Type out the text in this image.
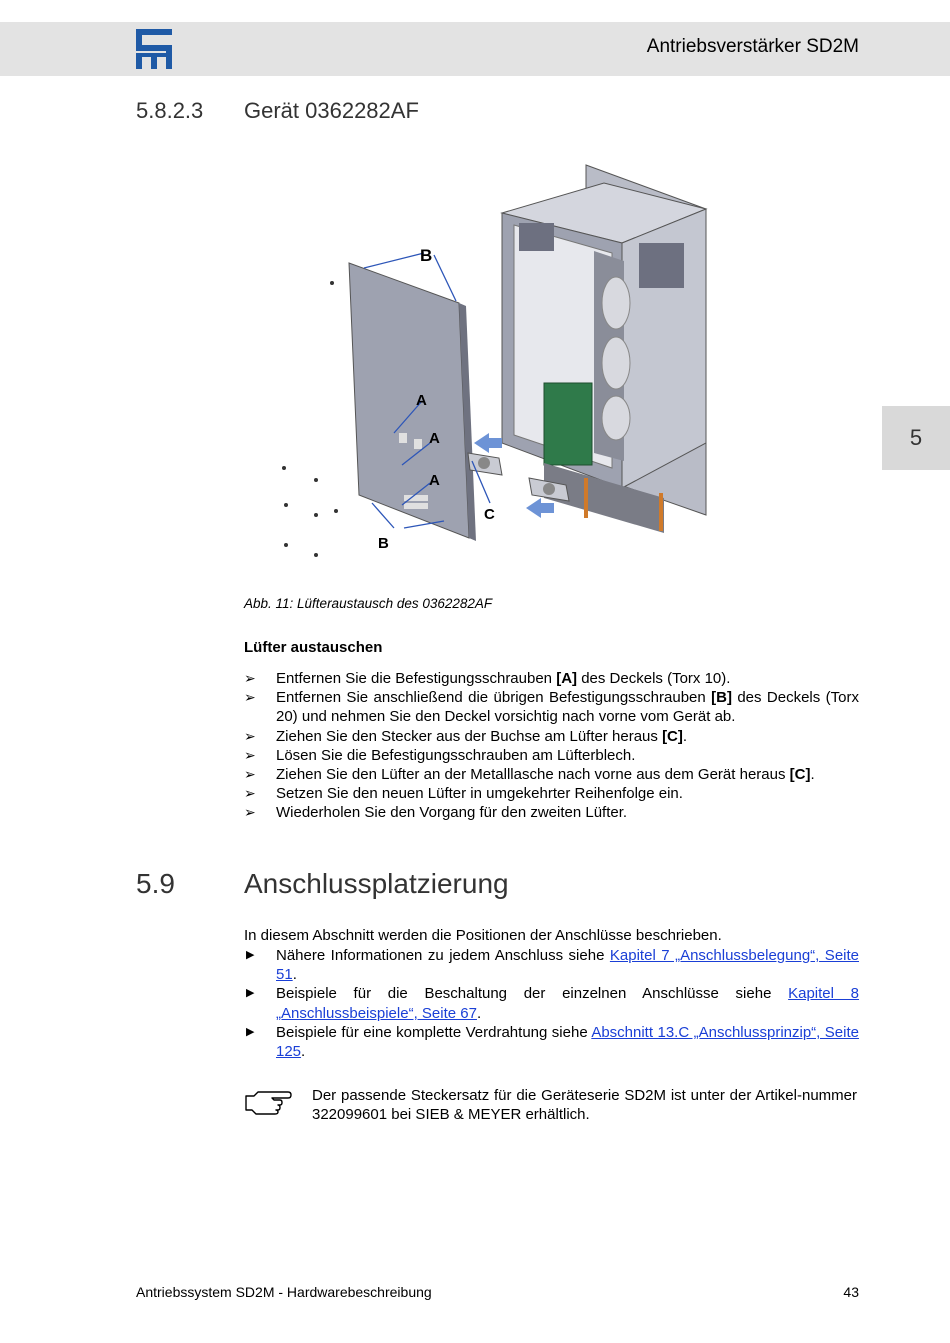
Antriebsverstärker SD2M
5
5.8.2.3 Gerät 0362282AF
B
A
A
A
C
B
Abb. 11: Lüfteraustausch des 0362282AF
Lüfter austauschen
➢ Entfernen Sie die Befestigungsschrauben [A] des Deckels (Torx 10).
➢ Entfernen Sie anschließend die übrigen Befestigungsschrauben [B] des Deckels (Torx 20) und nehmen Sie den Deckel vorsichtig nach vorne vom Gerät ab.
➢ Ziehen Sie den Stecker aus der Buchse am Lüfter heraus [C].
➢ Lösen Sie die Befestigungsschrauben am Lüfterblech.
➢ Ziehen Sie den Lüfter an der Metalllasche nach vorne aus dem Gerät heraus [C].
➢ Setzen Sie den neuen Lüfter in umgekehrter Reihenfolge ein.
➢ Wiederholen Sie den Vorgang für den zweiten Lüfter.
5.9 Anschlussplatzierung
In diesem Abschnitt werden die Positionen der Anschlüsse beschrieben.
▶ Nähere Informationen zu jedem Anschluss siehe Kapitel 7 „Anschlussbelegung“, Seite 51.
▶ Beispiele für die Beschaltung der einzelnen Anschlüsse siehe Kapitel 8 „Anschlussbeispiele“, Seite 67.
▶ Beispiele für eine komplette Verdrahtung siehe Abschnitt 13.C „Anschlussprinzip“, Seite 125.
Der passende Steckersatz für die Geräteserie SD2M ist unter der Artikel-nummer 322099601 bei SIEB & MEYER erhältlich.
Antriebssystem SD2M - Hardwarebeschreibung	43
